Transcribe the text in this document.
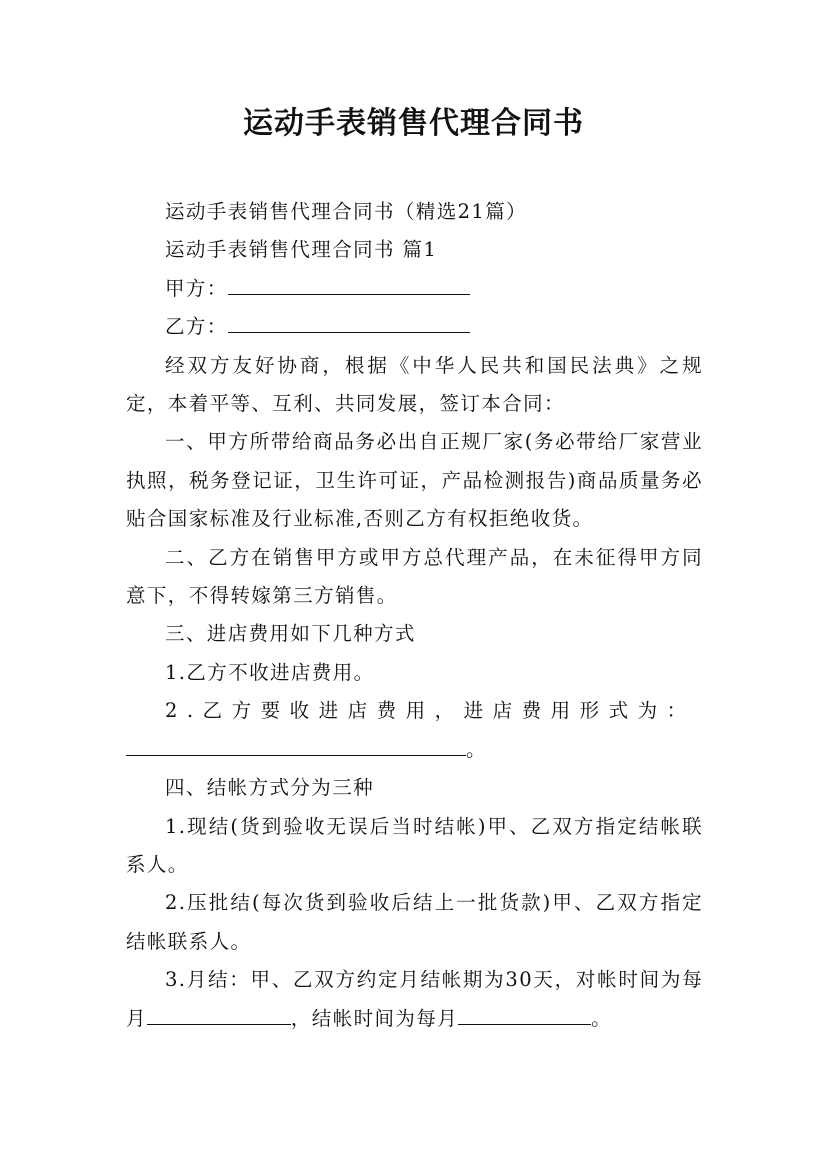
运动手表销售代理合同书

运动手表销售代理合同书（精选21篇）

运动手表销售代理合同书 篇1

甲方：

乙方：

经双方友好协商，根据《中华人民共和国民法典》之规定，本着平等、互利、共同发展，签订本合同：

一、甲方所带给商品务必出自正规厂家(务必带给厂家营业执照，税务登记证，卫生许可证，产品检测报告)商品质量务必贴合国家标准及行业标准,否则乙方有权拒绝收货。

二、乙方在销售甲方或甲方总代理产品，在未征得甲方同意下，不得转嫁第三方销售。

三、进店费用如下几种方式

1.乙方不收进店费用。

2.乙方要收进店费用，进店费用形式为：

。

四、结帐方式分为三种

1.现结(货到验收无误后当时结帐)甲、乙双方指定结帐联系人。

2.压批结(每次货到验收后结上一批货款)甲、乙双方指定结帐联系人。

3.月结：甲、乙双方约定月结帐期为30天，对帐时间为每月	，结帐时间为每月	。
